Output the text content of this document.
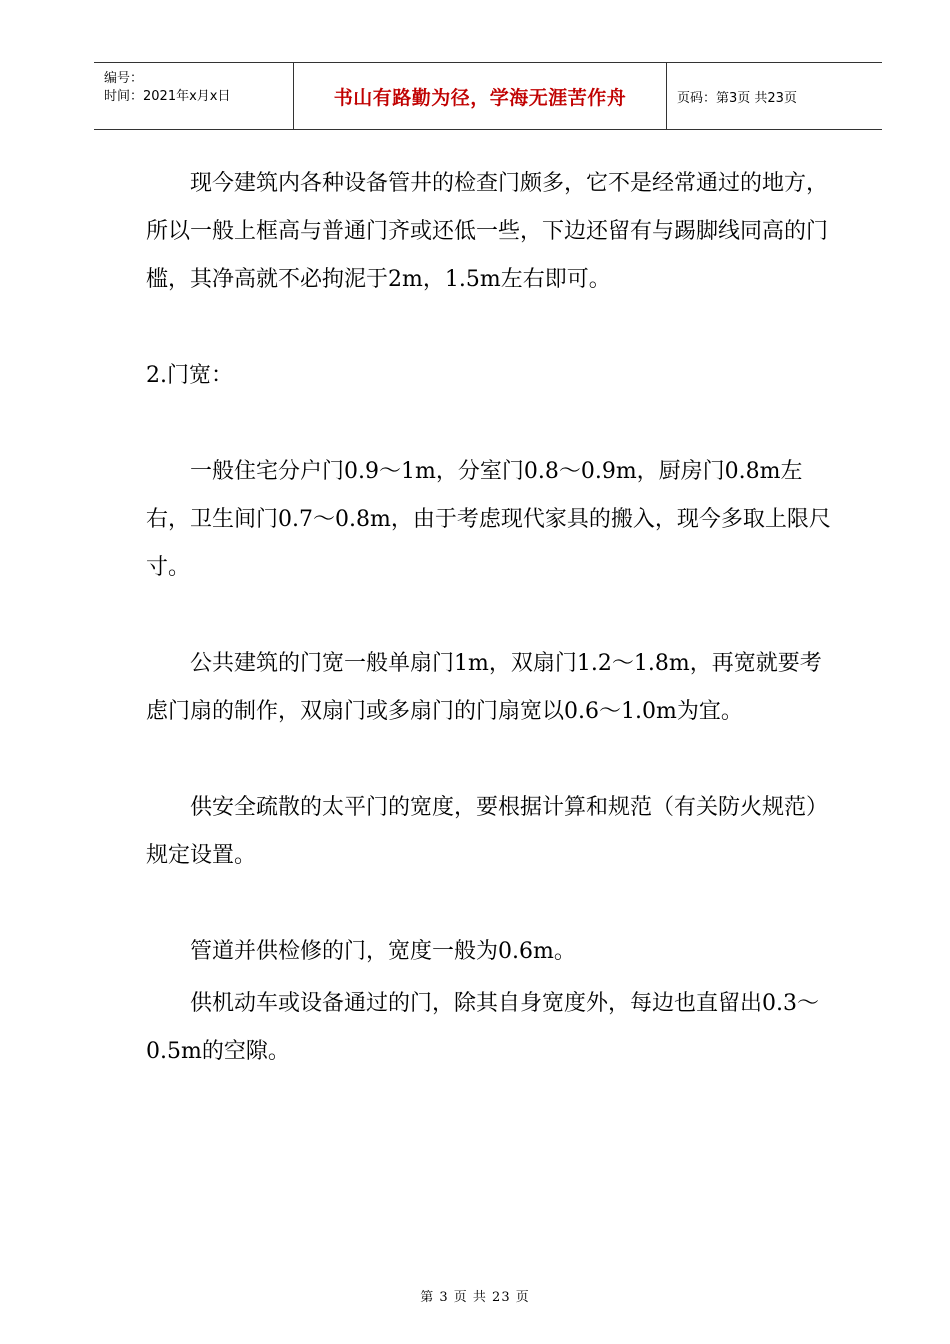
编号：
时间：2021年x月x日	书山有路勤为径，学海无涯苦作舟	页码：第3页 共23页

现今建筑内各种设备管井的检查门颇多，它不是经常通过的地方，所以一般上框高与普通门齐或还低一些，下边还留有与踢脚线同高的门槛，其净高就不必拘泥于2m，1.5m左右即可。

2.门宽：

一般住宅分户门0.9～1m，分室门0.8～0.9m，厨房门0.8m左右，卫生间门0.7～0.8m，由于考虑现代家具的搬入，现今多取上限尺寸。

公共建筑的门宽一般单扇门1m，双扇门1.2～1.8m，再宽就要考虑门扇的制作，双扇门或多扇门的门扇宽以0.6～1.0m为宜。

供安全疏散的太平门的宽度，要根据计算和规范（有关防火规范）规定设置。

管道并供检修的门，宽度一般为0.6m。

供机动车或设备通过的门，除其自身宽度外，每边也直留出0.3～0.5m的空隙。

第 3 页 共 23 页
